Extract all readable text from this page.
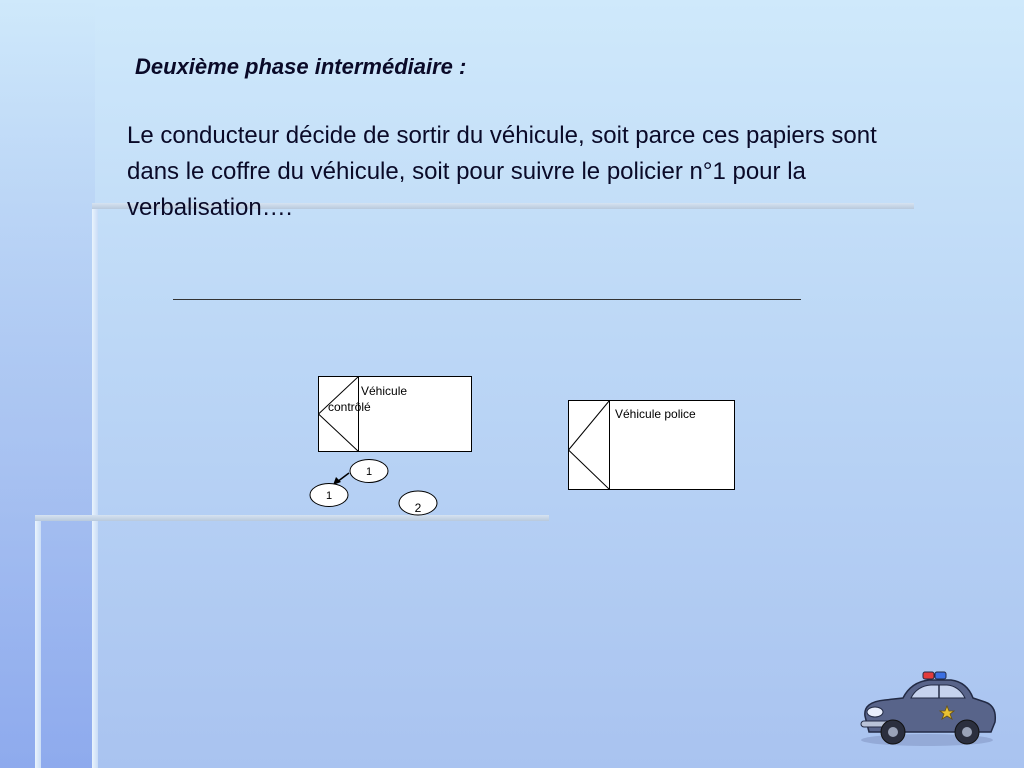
Deuxième phase intermédiaire :

Le conducteur décide de sortir du véhicule, soit parce ces papiers sont dans le coffre du véhicule, soit pour suivre le policier n°1 pour la verbalisation….

Véhicule
contrôlé	Véhicule police
1
1
2
